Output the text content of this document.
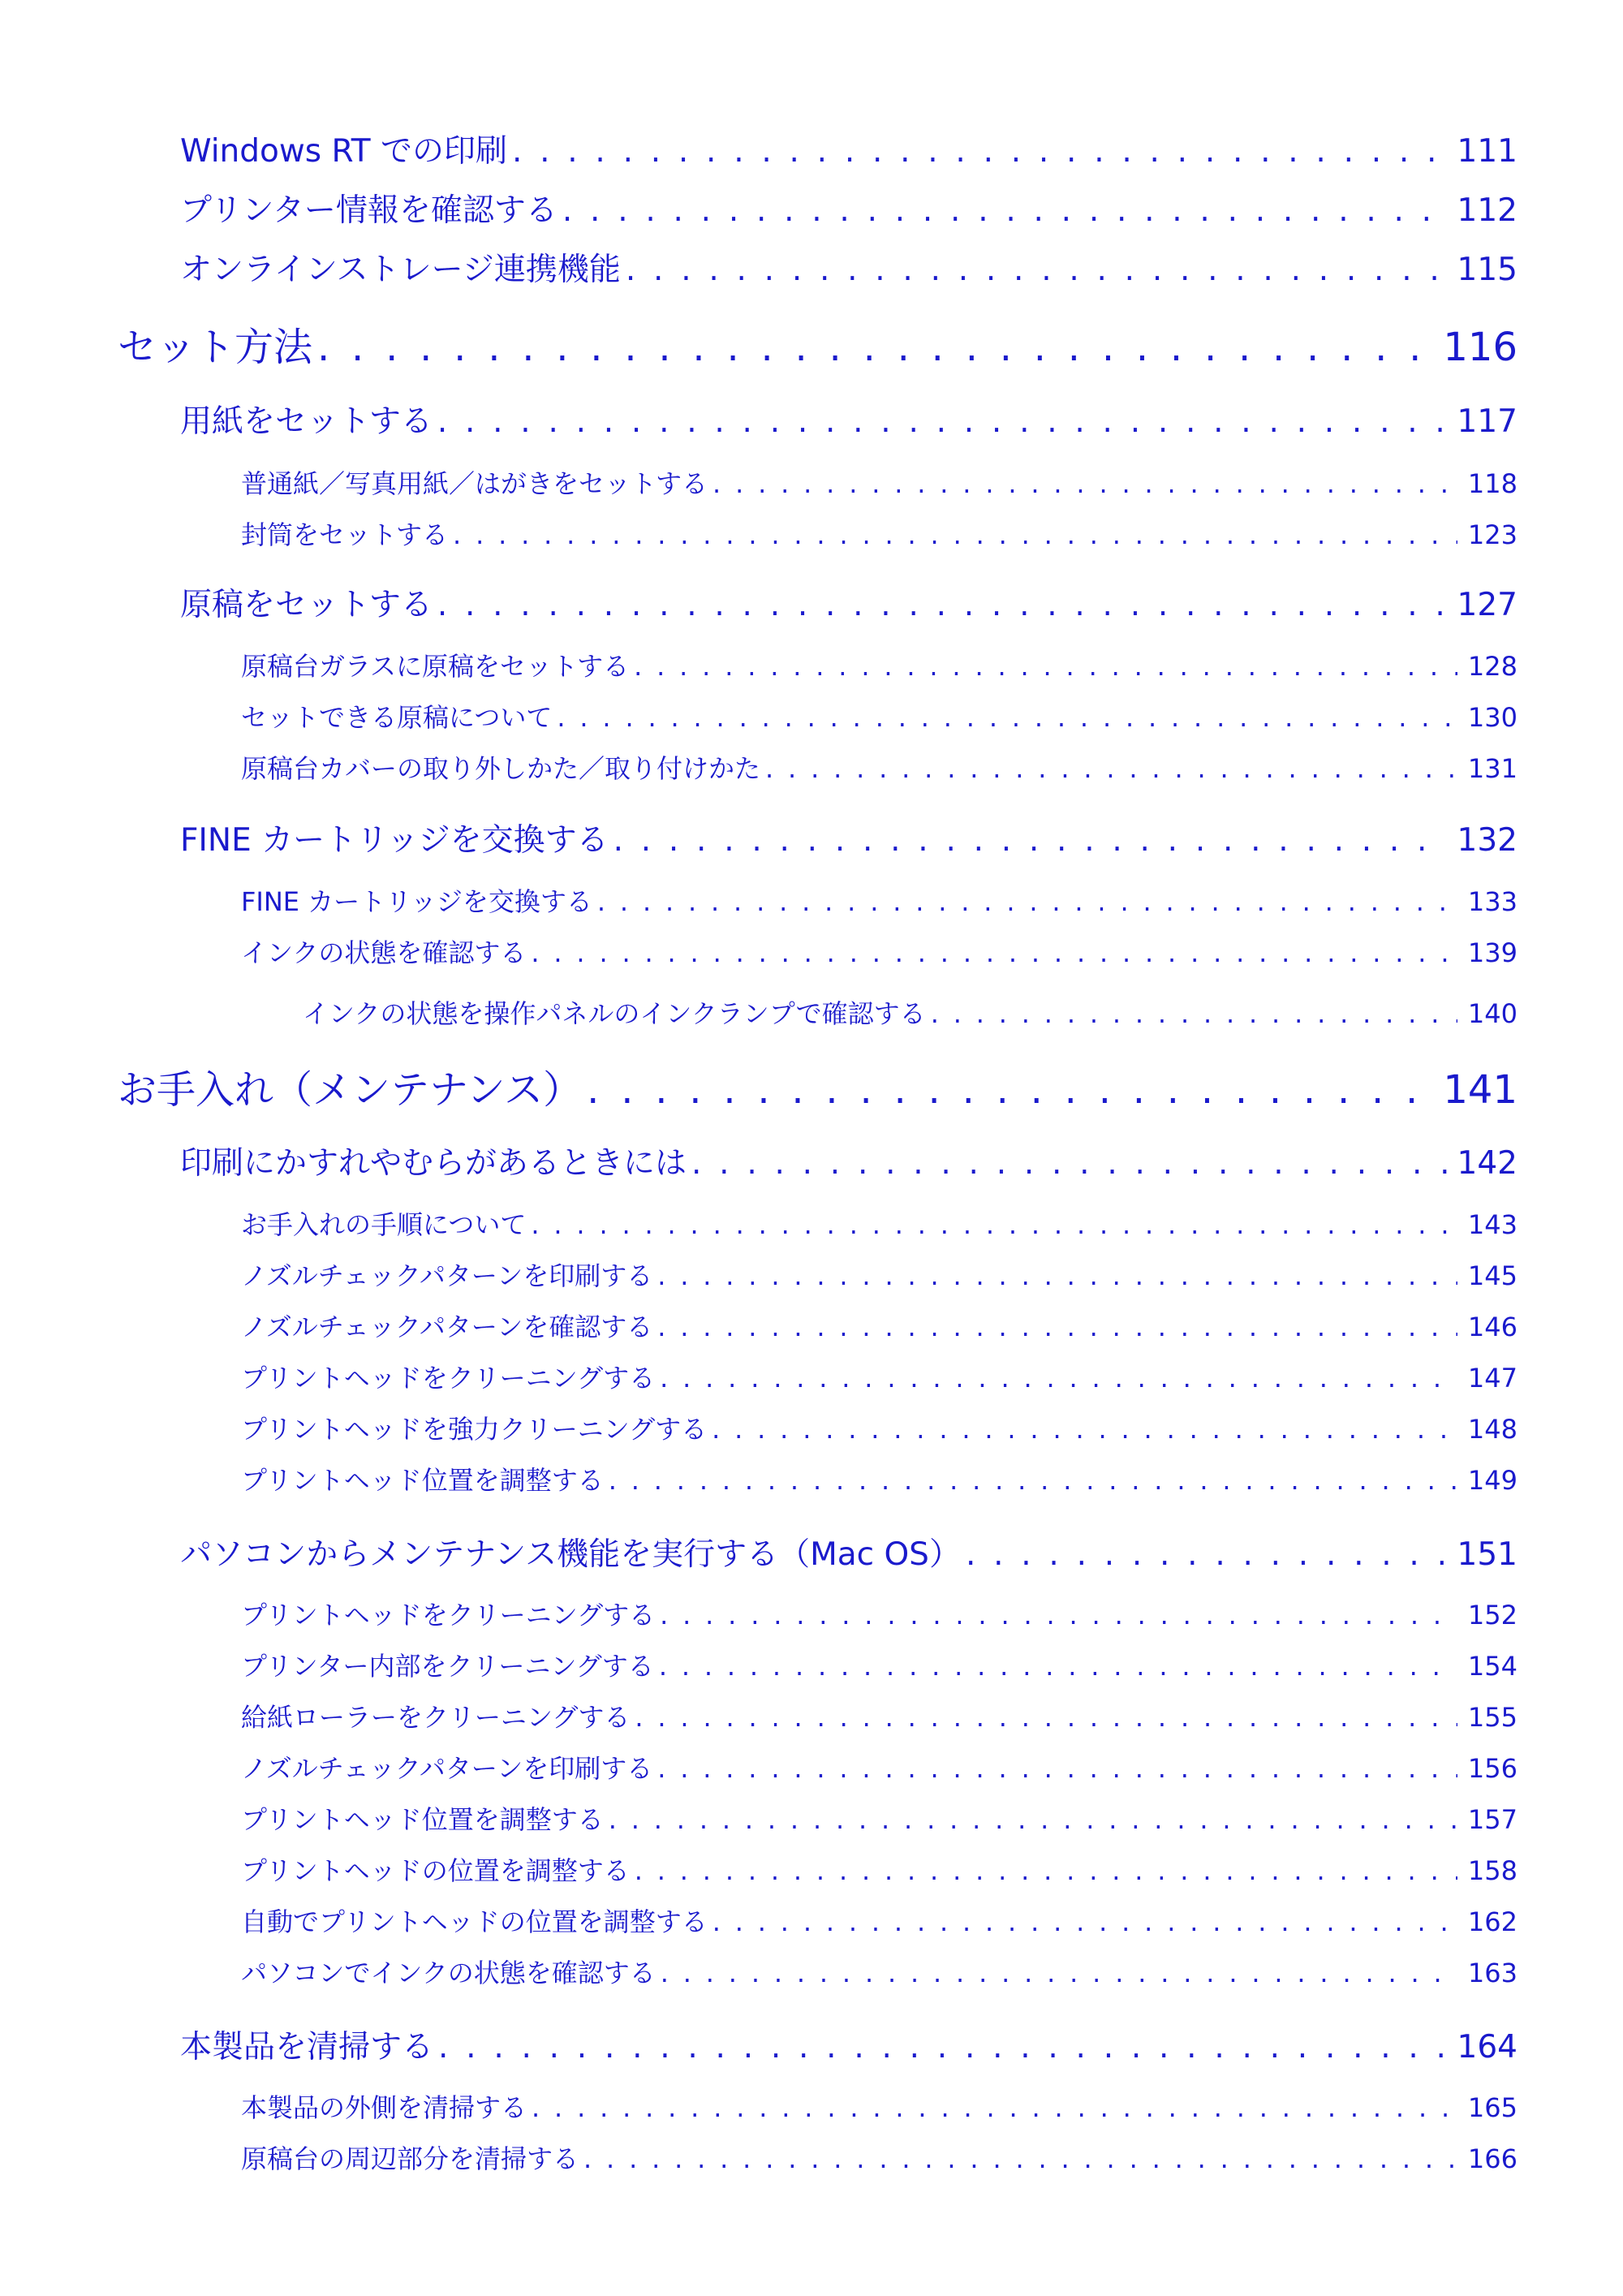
Windows RT での印刷 . . .	111
プリンター情報を確認する . . .	112
オンラインストレージ連携機能 . . .	115
セット方法 . . .	116
用紙をセットする . . .	117
普通紙／写真用紙／はがきをセットする . . .	118
封筒をセットする . . .	123
原稿をセットする . . .	127
原稿台ガラスに原稿をセットする . . .	128
セットできる原稿について . . .	130
原稿台カバーの取り外しかた／取り付けかた . . .	131
FINE カートリッジを交換する . . .	132
FINE カートリッジを交換する . . .	133
インクの状態を確認する . . .	139
インクの状態を操作パネルのインクランプで確認する . . .	140
お手入れ（メンテナンス） . . .	141
印刷にかすれやむらがあるときには . . .	142
お手入れの手順について . . .	143
ノズルチェックパターンを印刷する . . .	145
ノズルチェックパターンを確認する . . .	146
プリントヘッドをクリーニングする . . .	147
プリントヘッドを強力クリーニングする . . .	148
プリントヘッド位置を調整する . . .	149
パソコンからメンテナンス機能を実行する（Mac OS） . . .	151
プリントヘッドをクリーニングする . . .	152
プリンター内部をクリーニングする . . .	154
給紙ローラーをクリーニングする . . .	155
ノズルチェックパターンを印刷する . . .	156
プリントヘッド位置を調整する . . .	157
プリントヘッドの位置を調整する . . .	158
自動でプリントヘッドの位置を調整する . . .	162
パソコンでインクの状態を確認する . . .	163
本製品を清掃する . . .	164
本製品の外側を清掃する . . .	165
原稿台の周辺部分を清掃する . . .	166
